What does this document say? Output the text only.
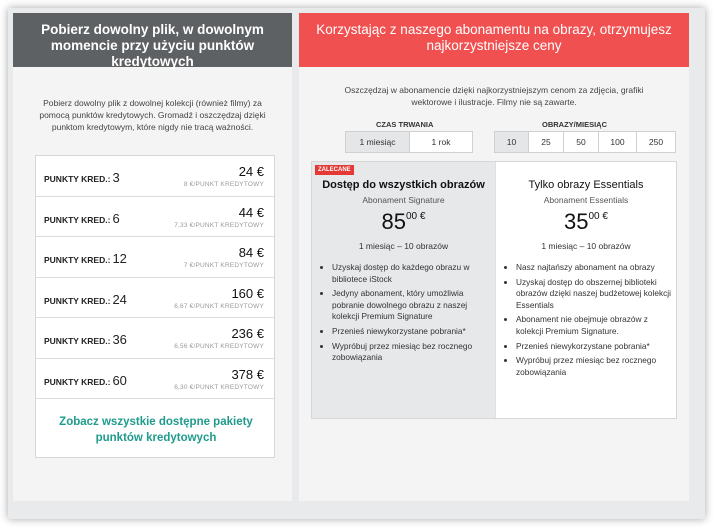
Pobierz dowolny plik, w dowolnym momencie przy użyciu punktów kredytowych
Pobierz dowolny plik z dowolnej kolekcji (również filmy) za pomocą punktów kredytowych. Gromadź i oszczędzaj dzięki punktom kredytowym, które nigdy nie tracą ważności.
PUNKTY KRED.: 3	24 €
8 €/PUNKT KREDYTOWY
PUNKTY KRED.: 6	44 €
7,33 €/PUNKT KREDYTOWY
PUNKTY KRED.: 12	84 €
7 €/PUNKT KREDYTOWY
PUNKTY KRED.: 24	160 €
6,67 €/PUNKT KREDYTOWY
PUNKTY KRED.: 36	236 €
6,56 €/PUNKT KREDYTOWY
PUNKTY KRED.: 60	378 €
6,30 €/PUNKT KREDYTOWY
Zobacz wszystkie dostępne pakiety punktów kredytowych
Korzystając z naszego abonamentu na obrazy, otrzymujesz najkorzystniejsze ceny
Oszczędzaj w abonamencie dzięki najkorzystniejszym cenom za zdjęcia, grafiki wektorowe i ilustracje. Filmy nie są zawarte.
CZAS TRWANIA
1 miesiąc	1 rok
OBRAZY/MIESIĄC
10	25	50	100	250
ZALECANE
Dostęp do wszystkich obrazów
Abonament Signature
$85^{00 €}$
1 miesiąc – 10 obrazów
• Uzyskaj dostęp do każdego obrazu w bibliotece iStock
• Jedyny abonament, który umożliwia pobranie dowolnego obrazu z naszej kolekcji Premium Signature
• Przenieś niewykorzystane pobrania*
• Wypróbuj przez miesiąc bez rocznego zobowiązania
Tylko obrazy Essentials
Abonament Essentials
$35^{00 €}$
1 miesiąc – 10 obrazów
• Nasz najtańszy abonament na obrazy
• Uzyskaj dostęp do obszernej biblioteki obrazów dzięki naszej budżetowej kolekcji Essentials
• Abonament nie obejmuje obrazów z kolekcji Premium Signature.
• Przenieś niewykorzystane pobrania*
• Wypróbuj przez miesiąc bez rocznego zobowiązania
